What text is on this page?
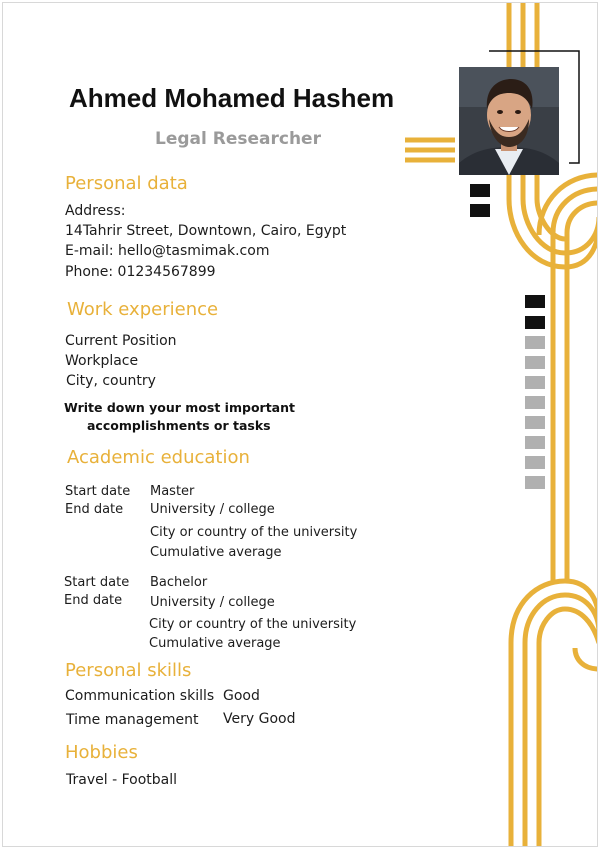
Ahmed Mohamed Hashem
Legal Researcher
Personal data
Address:
14Tahrir Street, Downtown, Cairo, Egypt
E-mail: hello@tasmimak.com
Phone: 01234567899
Work experience
Current Position
Workplace
City, country
Write down your most important
accomplishments or tasks
Academic education
Start date
End date
Master
University / college
City or country of the university
Cumulative average
Start date
End date
Bachelor
University / college
City or country of the university
Cumulative average
Personal skills
Communication skills Good
Time management Very Good
Hobbies
Travel - Football
